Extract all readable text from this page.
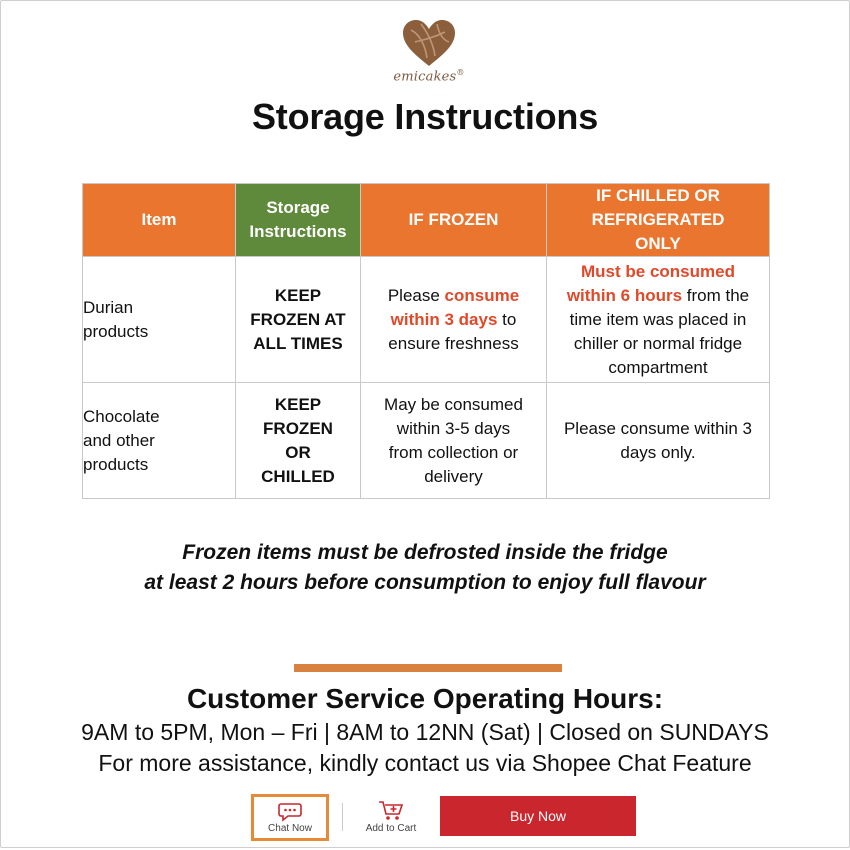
emicakes®
Storage Instructions
Item	Storage Instructions	IF FROZEN	IF CHILLED OR REFRIGERATED ONLY

Durian products	KEEP FROZEN AT ALL TIMES	Please consume within 3 days to ensure freshness	Must be consumed within 6 hours from the time item was placed in chiller or normal fridge compartment

Chocolate and other products	KEEP FROZEN OR CHILLED	May be consumed within 3-5 days from collection or delivery	Please consume within 3 days only.
Frozen items must be defrosted inside the fridge
at least 2 hours before consumption to enjoy full flavour
Customer Service Operating Hours:
9AM to 5PM, Mon – Fri | 8AM to 12NN (Sat) | Closed on SUNDAYS
For more assistance, kindly contact us via Shopee Chat Feature
Chat Now	Add to Cart
Buy Now
